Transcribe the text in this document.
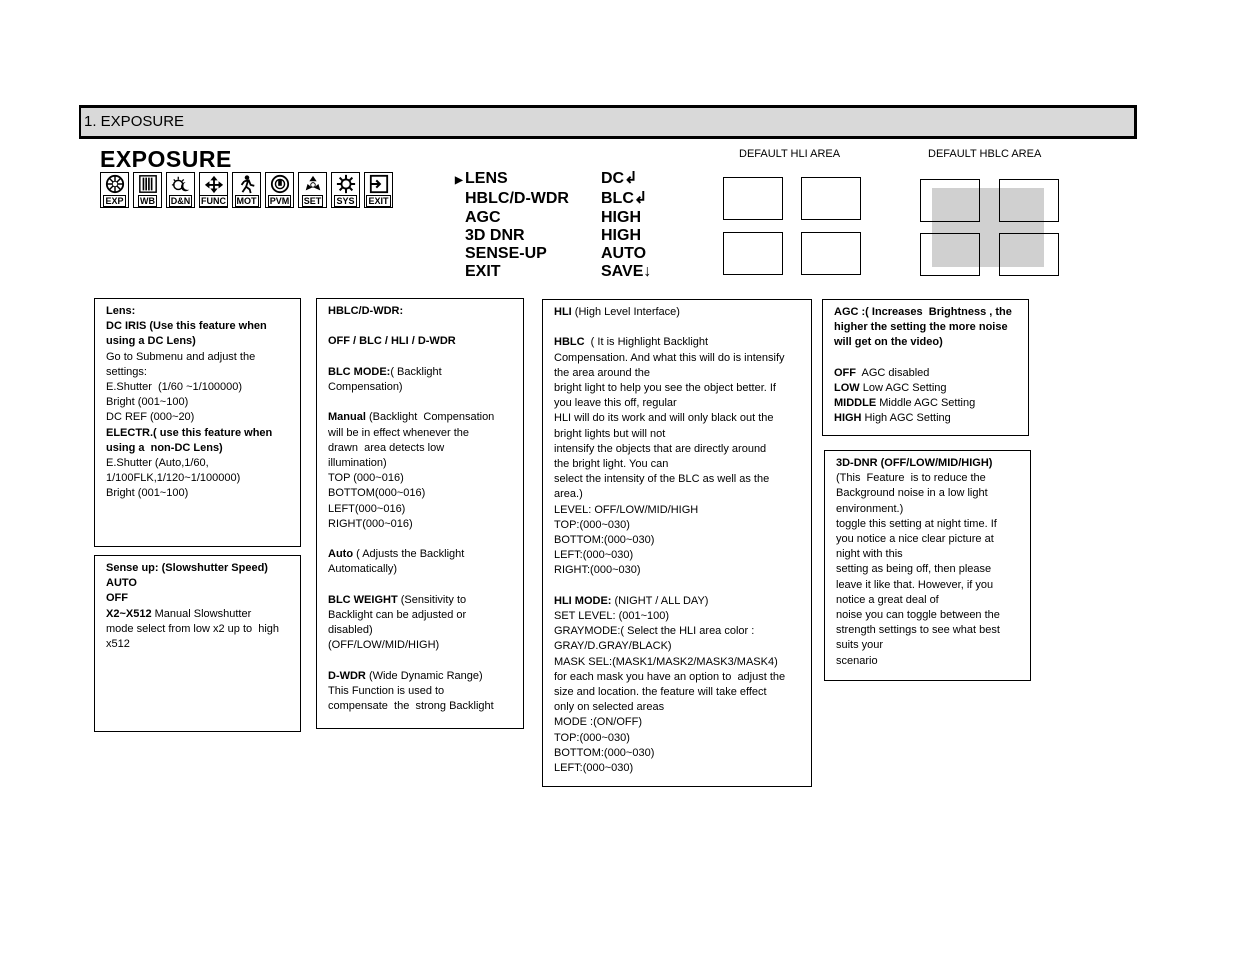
1. EXPOSURE
EXPOSURE
EXP WB D&N FUNC MOT PVM SET SYS EXIT
▶ LENS	DC↲
HBLC/D-WDR	BLC↲
AGC	HIGH
3D DNR	HIGH
SENSE-UP	AUTO
EXIT	SAVE↓
DEFAULT HLI AREA	DEFAULT HBLC AREA

Lens:

DC IRIS (Use this feature when

using a DC Lens)

Go to Submenu and adjust the

settings:

E.Shutter  (1/60 ~1/100000)

Bright (001~100)

DC REF (000~20)

ELECTR.( use this feature when

using a  non-DC Lens)

E.Shutter (Auto,1/60,

1/100FLK,1/120~1/100000)

Bright (001~100)

Sense up: (Slowshutter Speed)

AUTO

OFF

X2~X512 Manual Slowshutter

mode select from low x2 up to  high

x512

HBLC/D-WDR:

OFF / BLC / HLI / D-WDR

BLC MODE:( Backlight

Compensation)

Manual (Backlight  Compensation

will be in effect whenever the

drawn  area detects low

illumination)

TOP (000~016)

BOTTOM(000~016)

LEFT(000~016)

RIGHT(000~016)

Auto ( Adjusts the Backlight

Automatically)

BLC WEIGHT (Sensitivity to

Backlight can be adjusted or

disabled)

(OFF/LOW/MID/HIGH)

D-WDR (Wide Dynamic Range)

This Function is used to

compensate  the  strong Backlight

HLI (High Level Interface)

HBLC  ( It is Highlight Backlight

Compensation. And what this will do is intensify

the area around the

bright light to help you see the object better. If

you leave this off, regular

HLI will do its work and will only black out the

bright lights but will not

intensify the objects that are directly around

the bright light. You can

select the intensity of the BLC as well as the

area.)

LEVEL: OFF/LOW/MID/HIGH

TOP:(000~030)

BOTTOM:(000~030)

LEFT:(000~030)

RIGHT:(000~030)

HLI MODE: (NIGHT / ALL DAY)

SET LEVEL: (001~100)

GRAYMODE:( Select the HLI area color :

GRAY/D.GRAY/BLACK)

MASK SEL:(MASK1/MASK2/MASK3/MASK4)

for each mask you have an option to  adjust the

size and location. the feature will take effect

only on selected areas

MODE :(ON/OFF)

TOP:(000~030)

BOTTOM:(000~030)

LEFT:(000~030)

AGC :( Increases  Brightness , the

higher the setting the more noise

will get on the video)

OFF  AGC disabled

LOW Low AGC Setting

MIDDLE Middle AGC Setting

HIGH High AGC Setting

3D-DNR (OFF/LOW/MID/HIGH)

(This  Feature  is to reduce the

Background noise in a low light

environment.)

toggle this setting at night time. If

you notice a nice clear picture at

night with this

setting as being off, then please

leave it like that. However, if you

notice a great deal of

noise you can toggle between the

strength settings to see what best

suits your

scenario
